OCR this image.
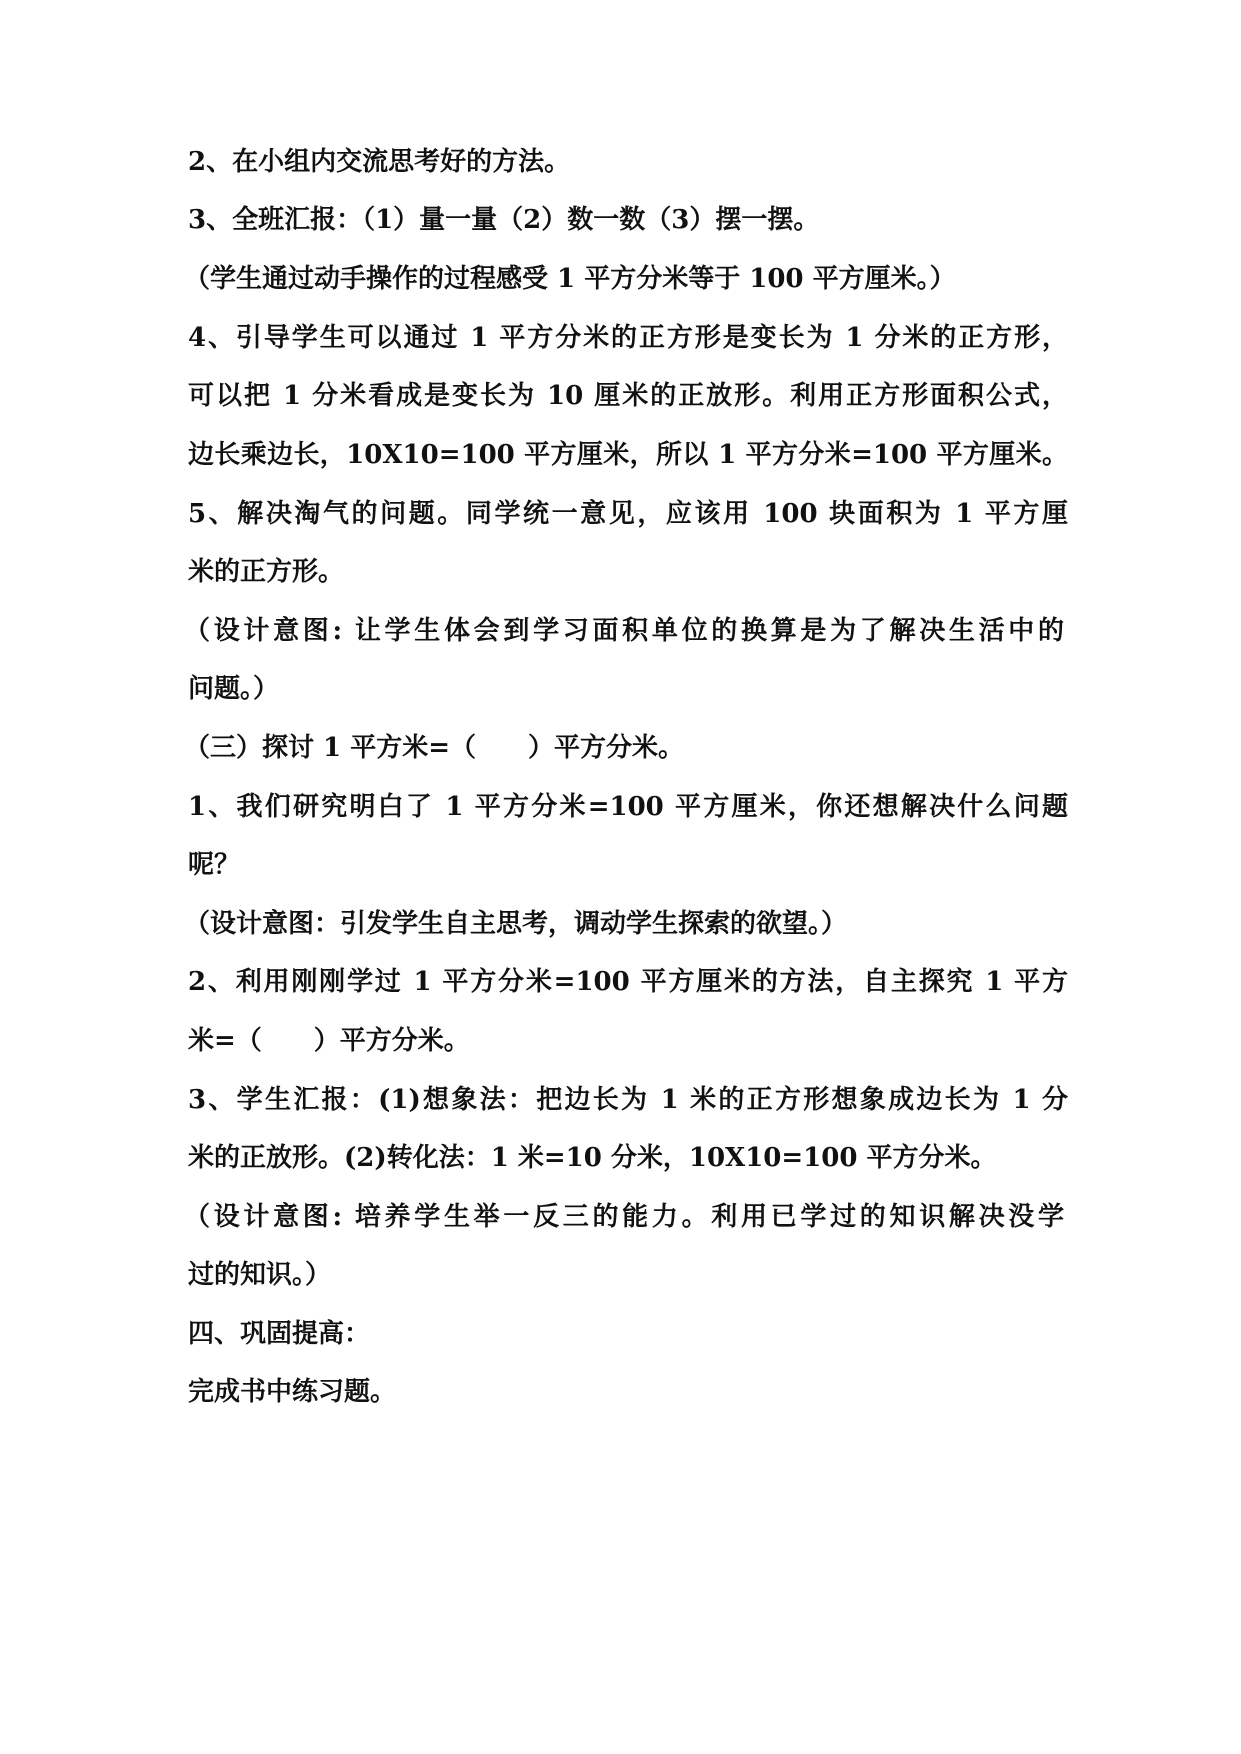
2、在小组内交流思考好的方法。

3、全班汇报：（1）量一量（2）数一数（3）摆一摆。

（学生通过动手操作的过程感受 1 平方分米等于 100 平方厘米。）

4、引导学生可以通过 1 平方分米的正方形是变长为 1 分米的正方形，

可以把 1 分米看成是变长为 10 厘米的正放形。利用正方形面积公式，

边长乘边长，10X10=100 平方厘米，所以 1 平方分米=100 平方厘米。

5、解决淘气的问题。同学统一意见，应该用 100 块面积为 1 平方厘

米的正方形。

（设计意图: 让学生体会到学习面积单位的换算是为了解决生活中的

问题。）

（三）探讨 1 平方米=（　　）平方分米。

1、我们研究明白了 1 平方分米=100 平方厘米，你还想解决什么问题

呢？

（设计意图：引发学生自主思考，调动学生探索的欲望。）

2、利用刚刚学过 1 平方分米=100 平方厘米的方法，自主探究 1 平方

米=（　　）平方分米。

3、学生汇报：(1)想象法：把边长为 1 米的正方形想象成边长为 1 分

米的正放形。(2)转化法：1 米=10 分米，10X10=100 平方分米。

（设计意图: 培养学生举一反三的能力。利用已学过的知识解决没学

过的知识。）

四、巩固提高：

完成书中练习题。
